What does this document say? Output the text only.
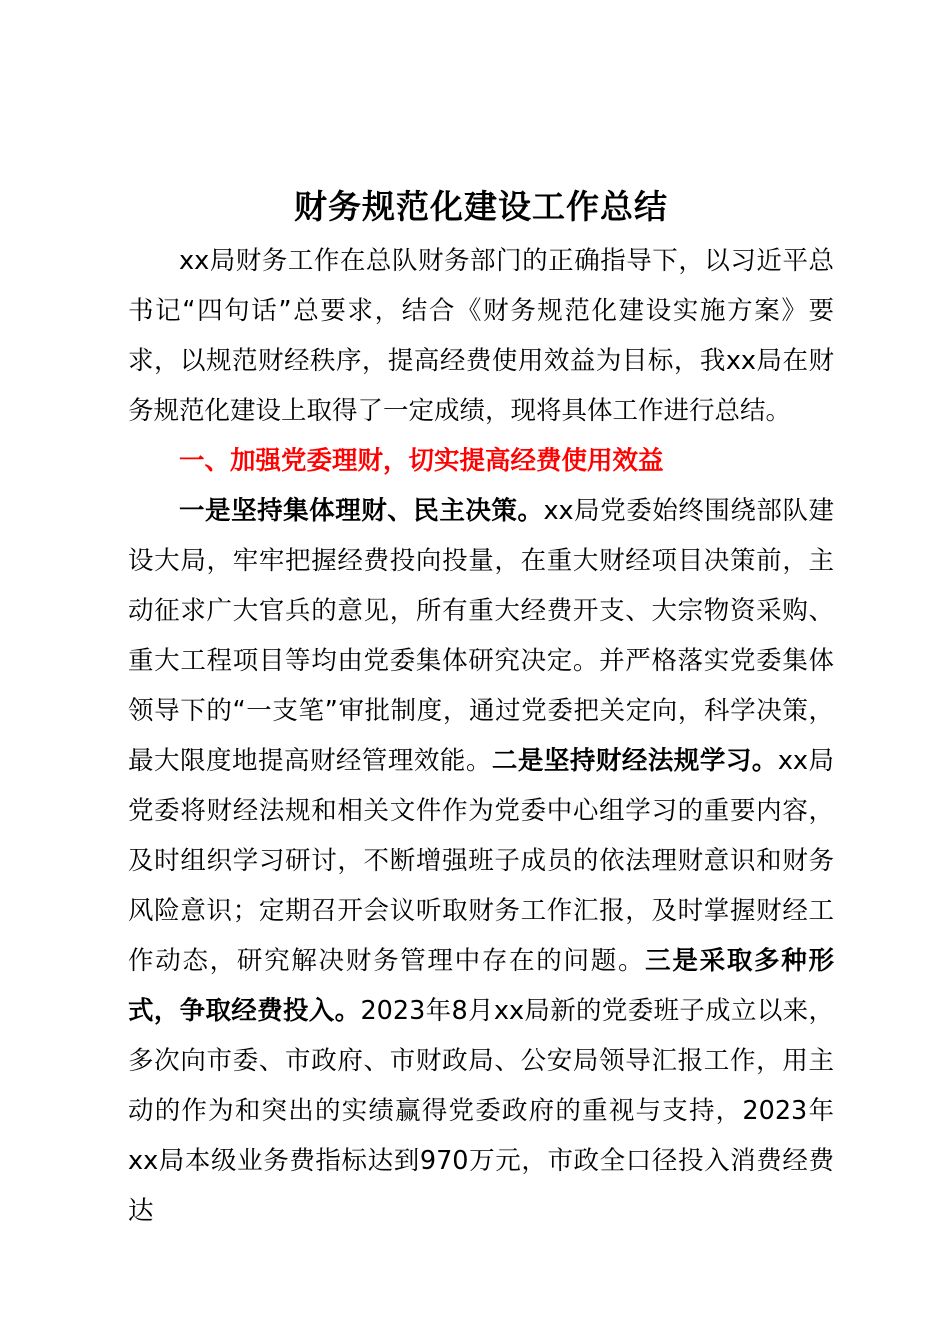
财务规范化建设工作总结

xx局财务工作在总队财务部门的正确指导下，以习近平总书记“四句话”总要求，结合《财务规范化建设实施方案》要求，以规范财经秩序，提高经费使用效益为目标，我xx局在财务规范化建设上取得了一定成绩，现将具体工作进行总结。

一、加强党委理财，切实提高经费使用效益

一是坚持集体理财、民主决策。xx局党委始终围绕部队建设大局，牢牢把握经费投向投量，在重大财经项目决策前，主动征求广大官兵的意见，所有重大经费开支、大宗物资采购、重大工程项目等均由党委集体研究决定。并严格落实党委集体领导下的“一支笔”审批制度，通过党委把关定向，科学决策，最大限度地提高财经管理效能。二是坚持财经法规学习。xx局党委将财经法规和相关文件作为党委中心组学习的重要内容，及时组织学习研讨，不断增强班子成员的依法理财意识和财务风险意识；定期召开会议听取财务工作汇报，及时掌握财经工作动态，研究解决财务管理中存在的问题。三是采取多种形式，争取经费投入。2023年8月xx局新的党委班子成立以来，多次向市委、市政府、市财政局、公安局领导汇报工作，用主动的作为和突出的实绩赢得党委政府的重视与支持，2023年xx局本级业务费指标达到970万元，市政全口径投入消费经费达
